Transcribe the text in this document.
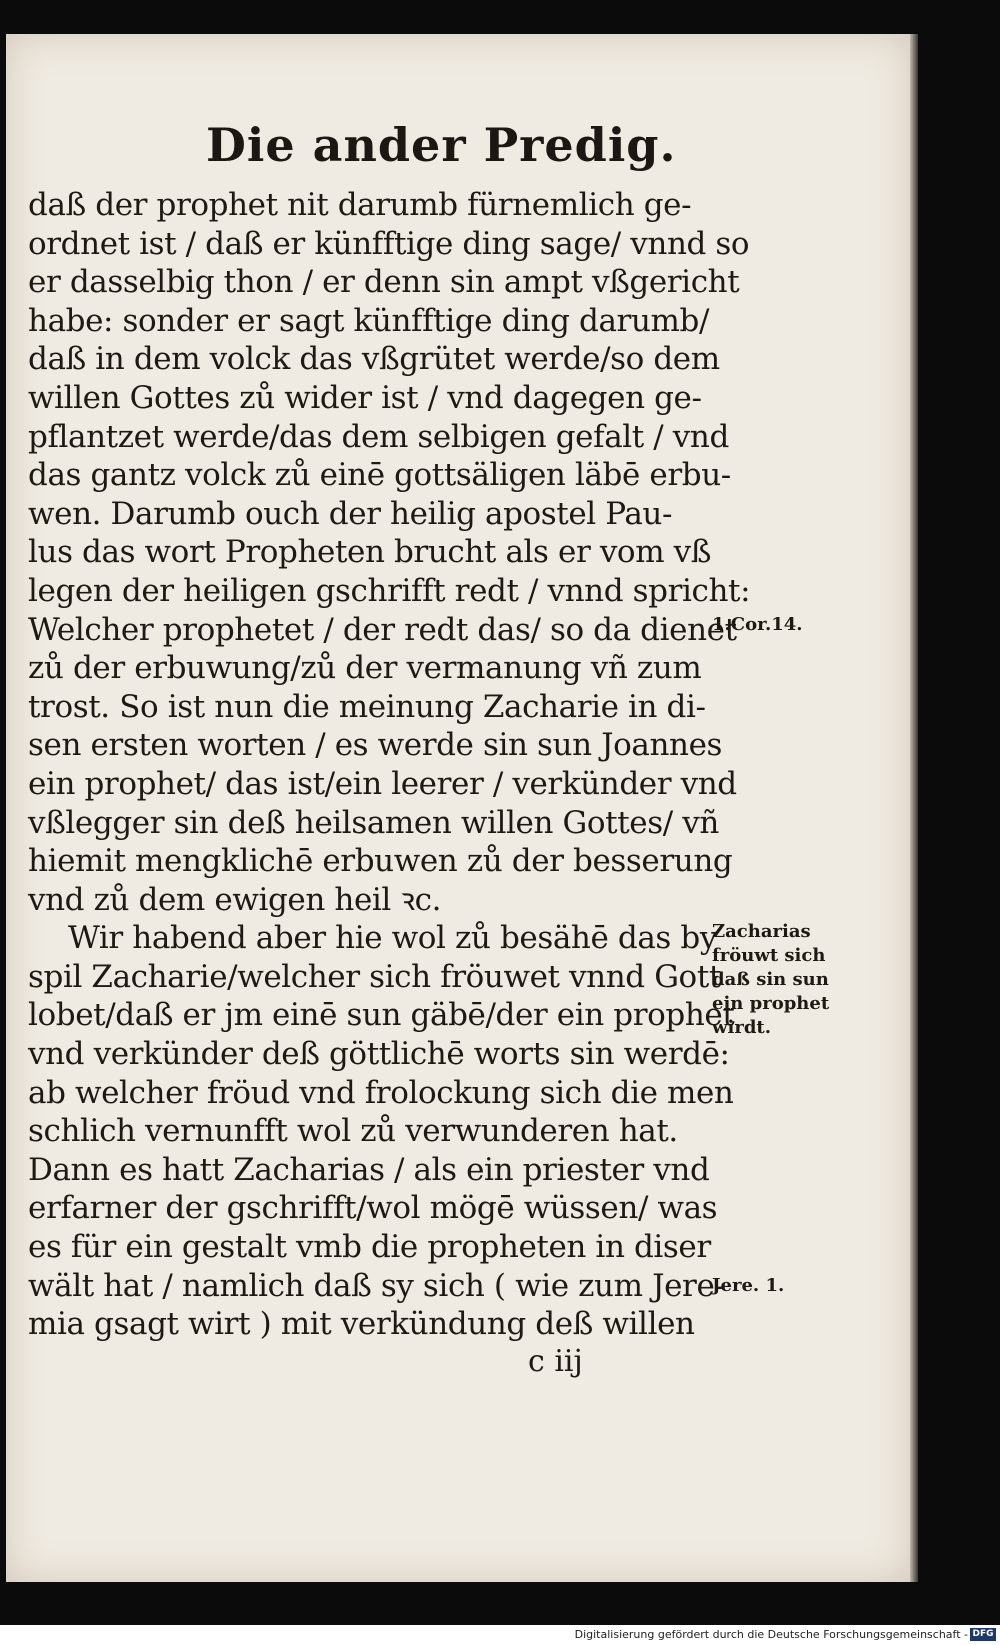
Die ander Predig.
daß der prophet nit darumb fürnemlich ge-
ordnet ist / daß er künfftige ding sage/ vnnd so
er dasselbig thon / er denn sin ampt vßgericht
habe: sonder er sagt künfftige ding darumb/
daß in dem volck das vßgrütet werde/so dem
willen Gottes zů wider ist / vnd dagegen ge-
pflantzet werde/das dem selbigen gefalt / vnd
das gantz volck zů einē gottsäligen läbē erbu-
wen. Darumb ouch der heilig apostel Pau-
lus das wort Propheten brucht als er vom vß
legen der heiligen gschrifft redt / vnnd spricht:
Welcher prophetet / der redt das/ so da dienet
zů der erbuwung/zů der vermanung vñ zum
trost. So ist nun die meinung Zacharie in di-
sen ersten worten / es werde sin sun Joannes
ein prophet/ das ist/ein leerer / verkünder vnd
vßlegger sin deß heilsamen willen Gottes/ vñ
hiemit mengklichē erbuwen zů der besserung
vnd zů dem ewigen heil ꝛc.
Wir habend aber hie wol zů besähē das by
spil Zacharie/welcher sich fröuwet vnnd Gott
lobet/daß er jm einē sun gäbē/der ein prophet
vnd verkünder deß göttlichē worts sin werdē:
ab welcher fröud vnd frolockung sich die men
schlich vernunfft wol zů verwunderen hat.
Dann es hatt Zacharias / als ein priester vnd
erfarner der gschrifft/wol mögē wüssen/ was
es für ein gestalt vmb die propheten in diser
wält hat / namlich daß sy sich ( wie zum Jere-
mia gsagt wirt ) mit verkündung deß willen
1.Cor.14.
Zacharias
fröuwt sich
daß sin sun
ein prophet
wirdt.
Jere. 1.
c iij
Digitalisierung gefördert durch die Deutsche Forschungsgemeinschaft - DFG
